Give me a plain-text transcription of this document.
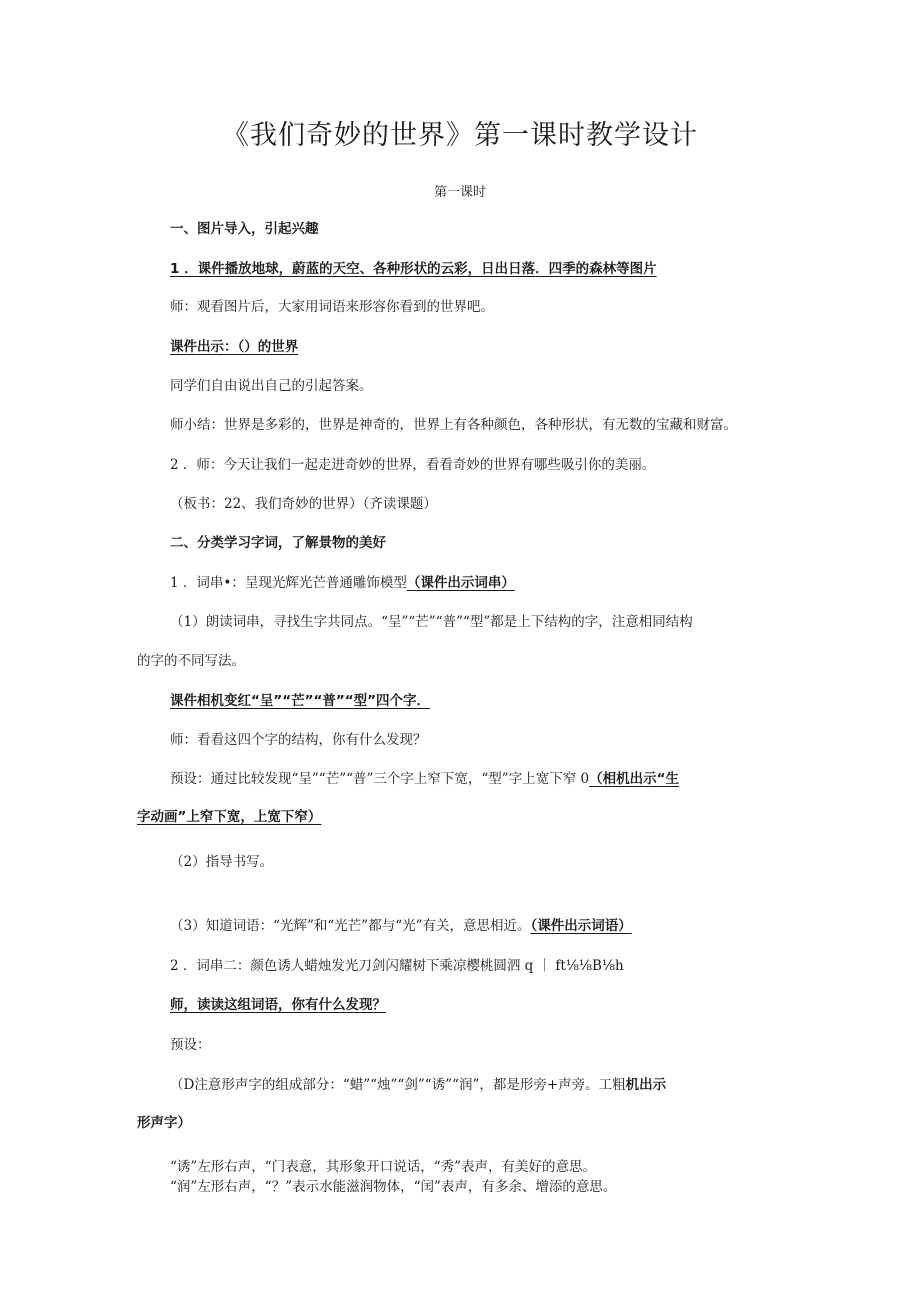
《我们奇妙的世界》第一课时教学设计
第一课时
一、图片导入，引起兴趣
1 ．课件播放地球，蔚蓝的天空、各种形状的云彩，日出日落．四季的森林等图片
师：观看图片后，大家用词语来形容你看到的世界吧。
课件出示：（）的世界
同学们自由说出自己的引起答案。
师小结：世界是多彩的，世界是神奇的，世界上有各种颜色，各种形状，有无数的宝藏和财富。
2 ．师：今天让我们一起走进奇妙的世界，看看奇妙的世界有哪些吸引你的美丽。
（板书：22、我们奇妙的世界）（齐读课题）
二、分类学习字词，了解景物的美好
1 ．词串•：呈现光辉光芒普通雕饰模型（课件出示词串）
（1）朗读词串，寻找生字共同点。“呈”“芒”“普”“型”都是上下结构的字，注意相同结构
的字的不同写法。
课件相机变红“呈”“芒”“普”“型”四个字．
师：看看这四个字的结构，你有什么发现？
预设：通过比较发现“呈”“芒”“普”三个字上窄下宽，“型”字上宽下窄 0（相机出示“生
字动画”上窄下宽，上宽下窄）
（2）指导书写。
（3）知道词语：“光辉”和“光芒”都与“光”有关，意思相近。（课件出示词语）
2 ．词串二：颜色诱人蜡烛发光刀剑闪耀树下乘凉樱桃圆泗 q ｜ ft⅛⅛B⅛h
师，读读这组词语，你有什么发现？
预设：
（D注意形声字的组成部分：“蜡”“烛”“剑”“诱”“润”，都是形旁+声旁。工粗机出示
形声字）
“诱”左形右声，“门表意，其形象开口说话，“秀”表声，有美好的意思。
“润”左形右声，“？”表示水能滋润物体，“闰”表声，有多余、增添的意思。
